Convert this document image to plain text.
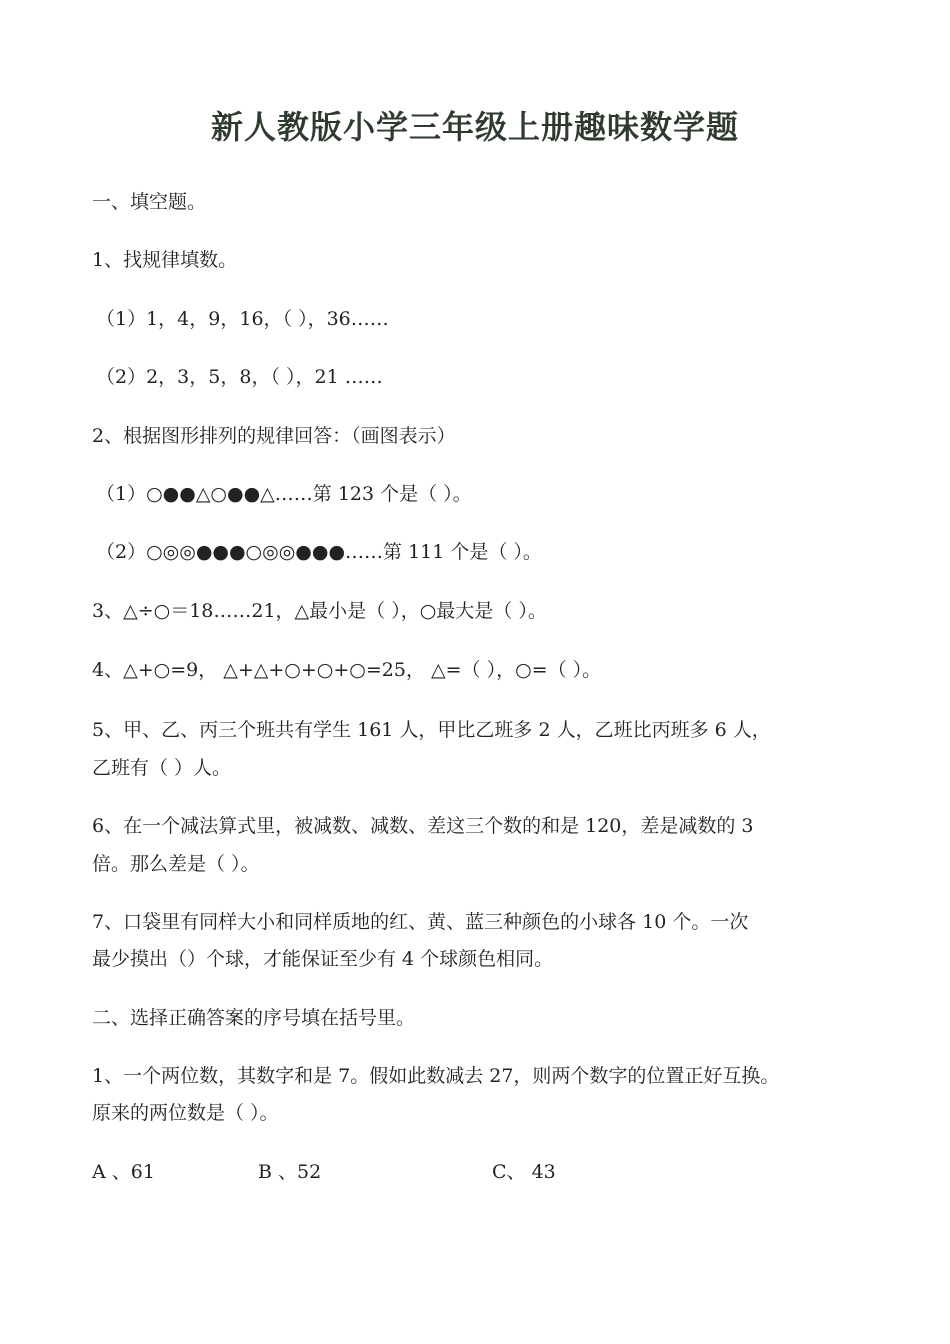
新人教版小学三年级上册趣味数学题
一、填空题。
1、找规律填数。
（1）1，4，9，16，（ ），36……
（2）2，3，5，8，（ ），21 ……
2、根据图形排列的规律回答：（画图表示）
（1）○●●△○●●△……第 123 个是（ ）。
（2）○◎◎●●●○◎◎●●●……第 111 个是（ ）。
3、△÷○＝18……21，△最小是（ ），○最大是（ ）。
4、△+○=9， △+△+○+○+○=25， △=（ ），○=（ ）。
5、甲、乙、丙三个班共有学生 161 人，甲比乙班多 2 人，乙班比丙班多 6 人，
乙班有（ ）人。
6、在一个减法算式里，被减数、减数、差这三个数的和是 120，差是减数的 3
倍。那么差是（ ）。
7、口袋里有同样大小和同样质地的红、黄、蓝三种颜色的小球各 10 个。一次
最少摸出（）个球，才能保证至少有 4 个球颜色相同。
二、选择正确答案的序号填在括号里。
1、一个两位数，其数字和是 7。假如此数减去 27，则两个数字的位置正好互换。
原来的两位数是（ ）。
A 、61	B 、52	C、 43
